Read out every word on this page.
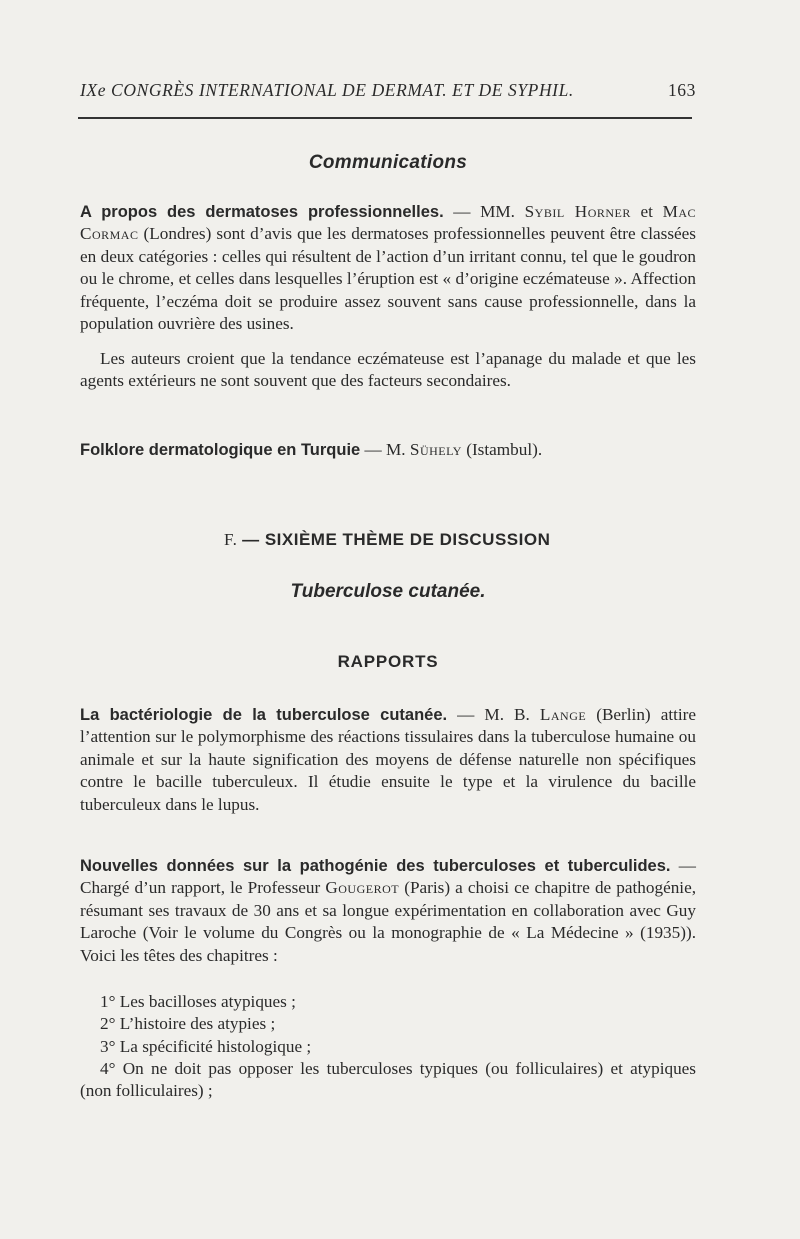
IXe CONGRÈS INTERNATIONAL DE DERMAT. ET DE SYPHIL.	163
Communications
A propos des dermatoses professionnelles. — MM. Sybil Horner et Mac Cormac (Londres) sont d’avis que les dermatoses professionnelles peuvent être classées en deux catégories : celles qui résultent de l’action d’un irritant connu, tel que le goudron ou le chrome, et celles dans lesquelles l’éruption est « d’origine eczémateuse ». Affection fréquente, l’eczéma doit se produire assez souvent sans cause professionnelle, dans la population ouvrière des usines.
Les auteurs croient que la tendance eczémateuse est l’apanage du malade et que les agents extérieurs ne sont souvent que des facteurs secondaires.
Folklore dermatologique en Turquie — M. Sühely (Istambul).
F. — SIXIÈME THÈME DE DISCUSSION
Tuberculose cutanée.
RAPPORTS
La bactériologie de la tuberculose cutanée. — M. B. Lange (Berlin) attire l’attention sur le polymorphisme des réactions tissulaires dans la tuberculose humaine ou animale et sur la haute signification des moyens de défense naturelle non spécifiques contre le bacille tuberculeux. Il étudie ensuite le type et la virulence du bacille tuberculeux dans le lupus.
Nouvelles données sur la pathogénie des tuberculoses et tuberculides. — Chargé d’un rapport, le Professeur Gougerot (Paris) a choisi ce chapitre de pathogénie, résumant ses travaux de 30 ans et sa longue expérimentation en collaboration avec Guy Laroche (Voir le volume du Congrès ou la monographie de « La Médecine » (1935)). Voici les têtes des chapitres :
1° Les bacilloses atypiques ;
2° L’histoire des atypies ;
3° La spécificité histologique ;
4° On ne doit pas opposer les tuberculoses typiques (ou folliculaires) et atypiques (non folliculaires) ;
